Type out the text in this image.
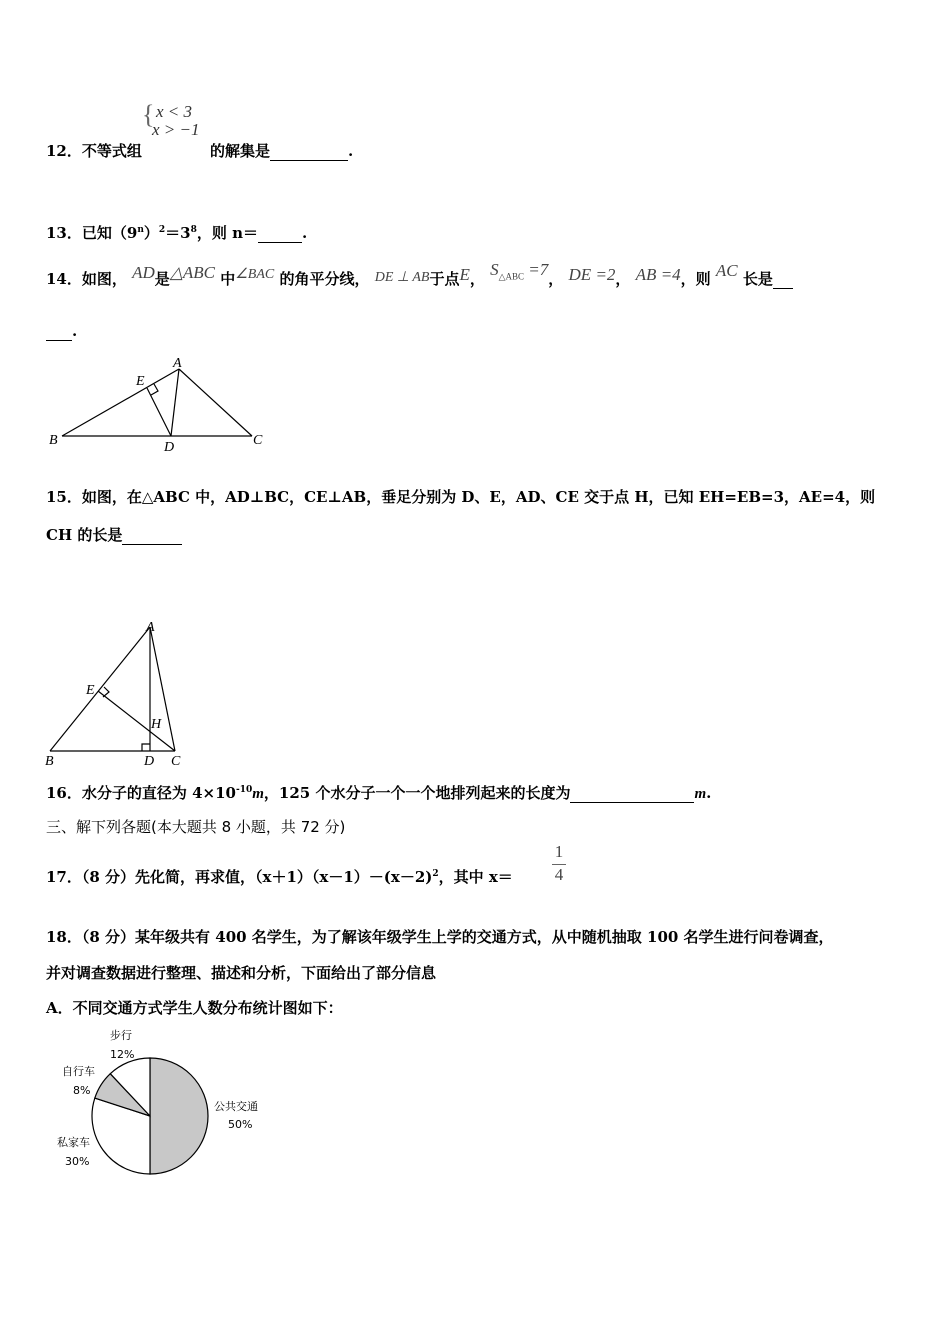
12．不等式组
{ x < 3
x > −1
的解集是	.
13．已知$(9^n)^2=3^8$，则 n＝	.
14．如图， AD是△ABC 中∠BAC 的角平分线， DE ⊥ AB于点E， $S_{\triangle ABC} =7$， DE =2， AB =4，则 AC 长是
.
A
E
B	D	C
15．如图，在△ABC 中，AD⊥BC，CE⊥AB，垂足分别为 D、E，AD、CE 交于点 H，已知 EH=EB=3，AE=4，则
CH 的长是
A
E
H
B	D C
16．水分子的直径为 $4\times 10^{-10}m$，125 个水分子一个一个地排列起来的长度为	m.
三、解下列各题(本大题共 8 小题，共 72 分)
17．（8 分）先化简，再求值，$(x+1)(x-1)-(x-2)^2$，其中 $x= \frac{1}{4}$
18．（8 分）某年级共有 400 名学生，为了解该年级学生上学的交通方式，从中随机抽取 100 名学生进行问卷调查，
并对调查数据进行整理、描述和分析，下面给出了部分信息
A．不同交通方式学生人数分布统计图如下：
公共交通
50%
私家车
30%
自行车
8%
步行
12%
